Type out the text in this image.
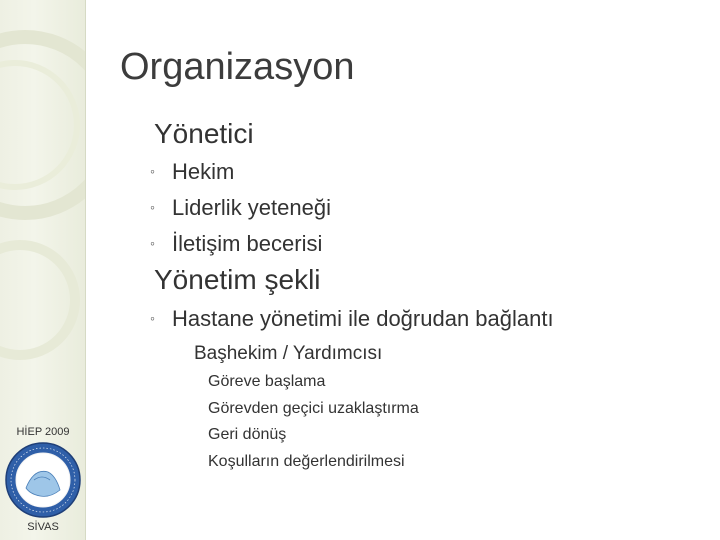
HİEP 2009
SİVAS
Organizasyon
Yönetici
◦ Hekim
◦ Liderlik yeteneği
◦ İletişim becerisi
Yönetim şekli
◦ Hastane yönetimi ile doğrudan bağlantı
Başhekim / Yardımcısı
Göreve başlama
Görevden geçici uzaklaştırma
Geri dönüş
Koşulların değerlendirilmesi
